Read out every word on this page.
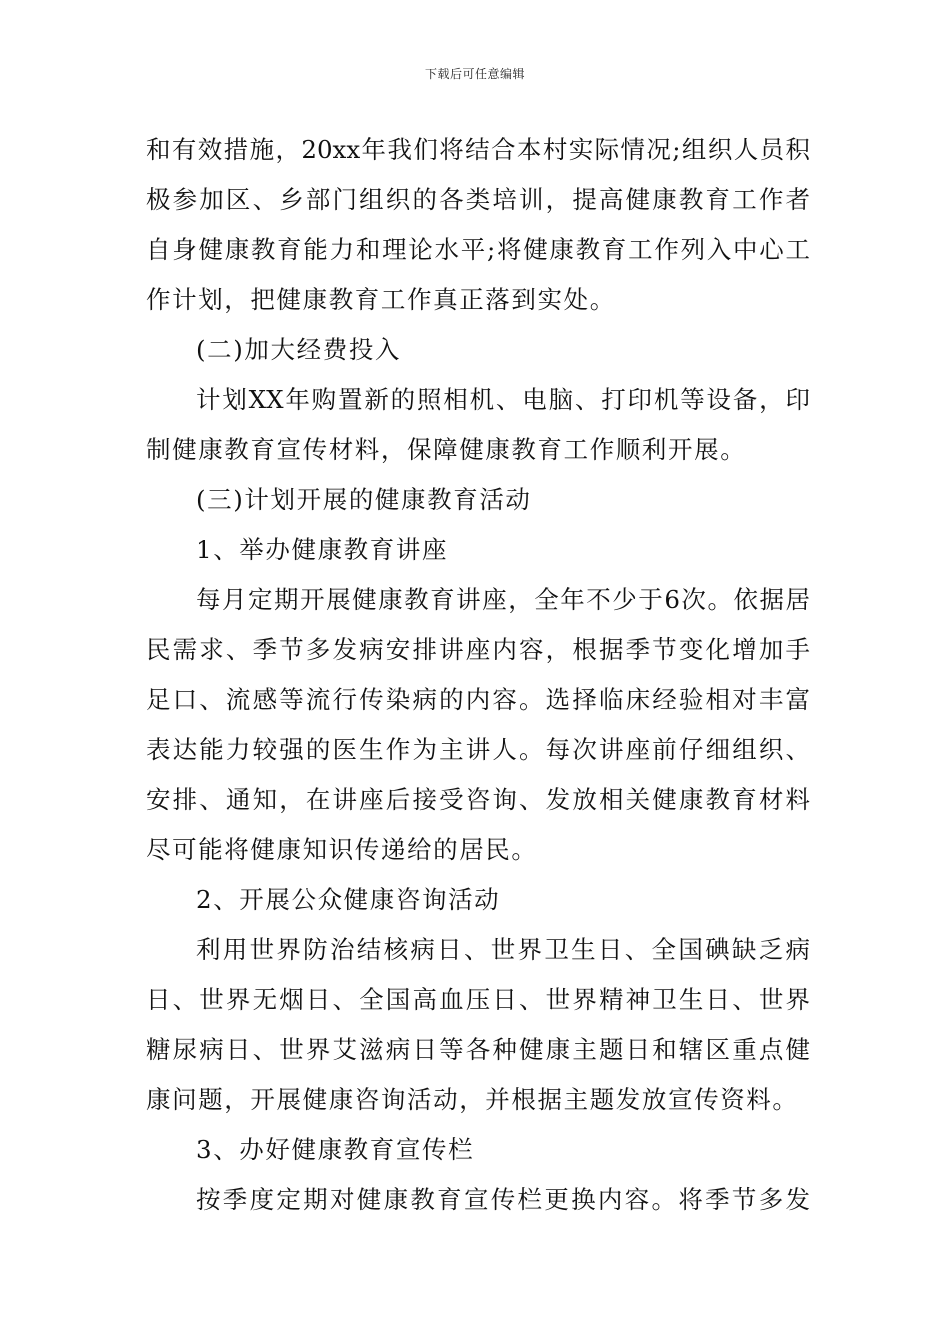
下载后可任意编辑
和有效措施，20xx年我们将结合本村实际情况;组织人员积
极参加区、乡部门组织的各类培训，提高健康教育工作者
自身健康教育能力和理论水平;将健康教育工作列入中心工
作计划，把健康教育工作真正落到实处。
(二)加大经费投入
计划XX年购置新的照相机、电脑、打印机等设备，印
制健康教育宣传材料，保障健康教育工作顺利开展。
(三)计划开展的健康教育活动
1、举办健康教育讲座
每月定期开展健康教育讲座，全年不少于6次。依据居
民需求、季节多发病安排讲座内容，根据季节变化增加手
足口、流感等流行传染病的内容。选择临床经验相对丰富
表达能力较强的医生作为主讲人。每次讲座前仔细组织、
安排、通知，在讲座后接受咨询、发放相关健康教育材料
尽可能将健康知识传递给的居民。
2、开展公众健康咨询活动
利用世界防治结核病日、世界卫生日、全国碘缺乏病
日、世界无烟日、全国高血压日、世界精神卫生日、世界
糖尿病日、世界艾滋病日等各种健康主题日和辖区重点健
康问题，开展健康咨询活动，并根据主题发放宣传资料。
3、办好健康教育宣传栏
按季度定期对健康教育宣传栏更换内容。将季节多发
